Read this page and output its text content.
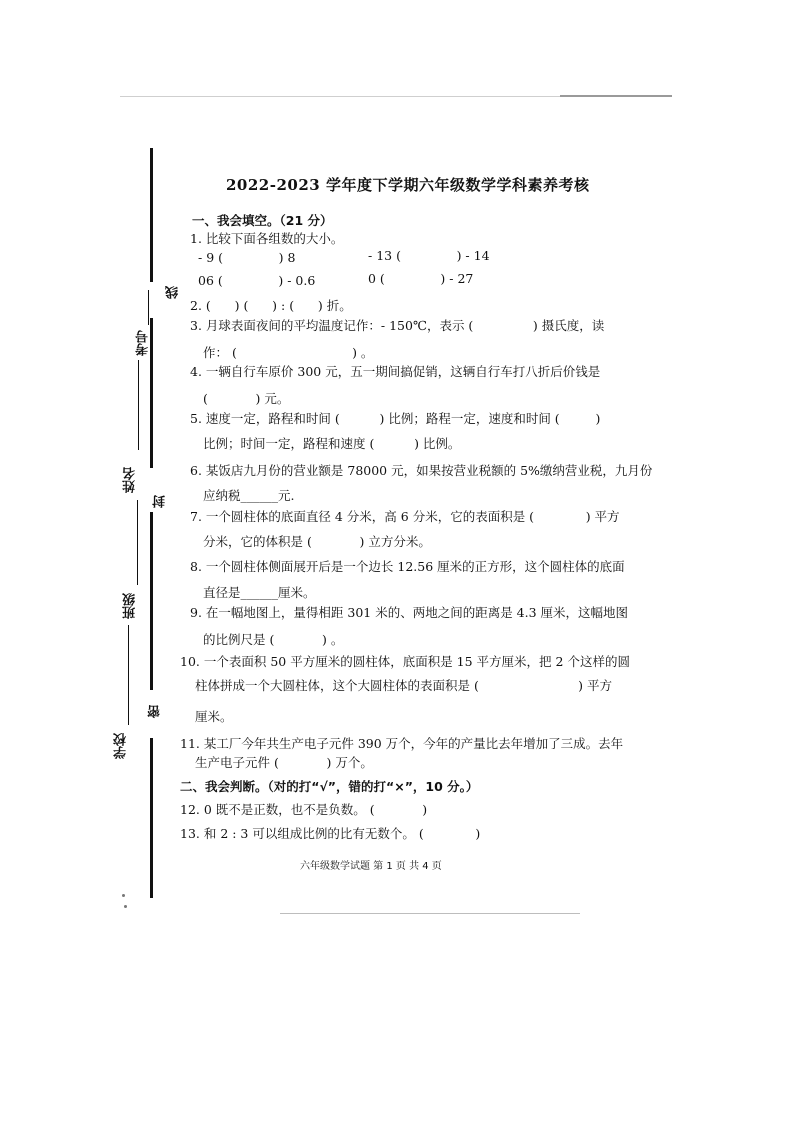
学校
密
班级
封
姓名
考号
线
2022-2023 学年度下学期六年级数学学科素养考核
一、我会填空。（21 分）
1. 比较下面各组数的大小。
- 9 (              ) 8	- 13 (              ) - 14
06 (              ) - 0.6	0 (              ) - 27
2. (      ) (      ) : (      ) 折。
3. 月球表面夜间的平均温度记作：- 150℃，表示 (               ) 摄氏度，读
作： (                             ) 。
4. 一辆自行车原价 300 元，五一期间搞促销，这辆自行车打八折后价钱是
(            ) 元。
5. 速度一定，路程和时间 (          ) 比例；路程一定，速度和时间 (         )
比例；时间一定，路程和速度 (          ) 比例。
6. 某饭店九月份的营业额是 78000 元，如果按营业税额的 5%缴纳营业税，九月份
应纳税______元.
7. 一个圆柱体的底面直径 4 分米，高 6 分米，它的表面积是 (             ) 平方
分米，它的体积是 (            ) 立方分米。
8. 一个圆柱体侧面展开后是一个边长 12.56 厘米的正方形，这个圆柱体的底面
直径是______厘米。
9. 在一幅地图上，量得相距 301 米的、两地之间的距离是 4.3 厘米，这幅地图
的比例尺是 (            ) 。
10. 一个表面积 50 平方厘米的圆柱体，底面积是 15 平方厘米，把 2 个这样的圆
柱体拼成一个大圆柱体，这个大圆柱体的表面积是 (                         ) 平方
厘米。
11. 某工厂今年共生产电子元件 390 万个，今年的产量比去年增加了三成。去年
生产电子元件 (            ) 万个。
二、我会判断。（对的打“√”，错的打“×”，10 分。）
12. 0 既不是正数，也不是负数。 (            )
13. 和 2 : 3 可以组成比例的比有无数个。 (             )
六年级数学试题 第 1 页 共 4 页
